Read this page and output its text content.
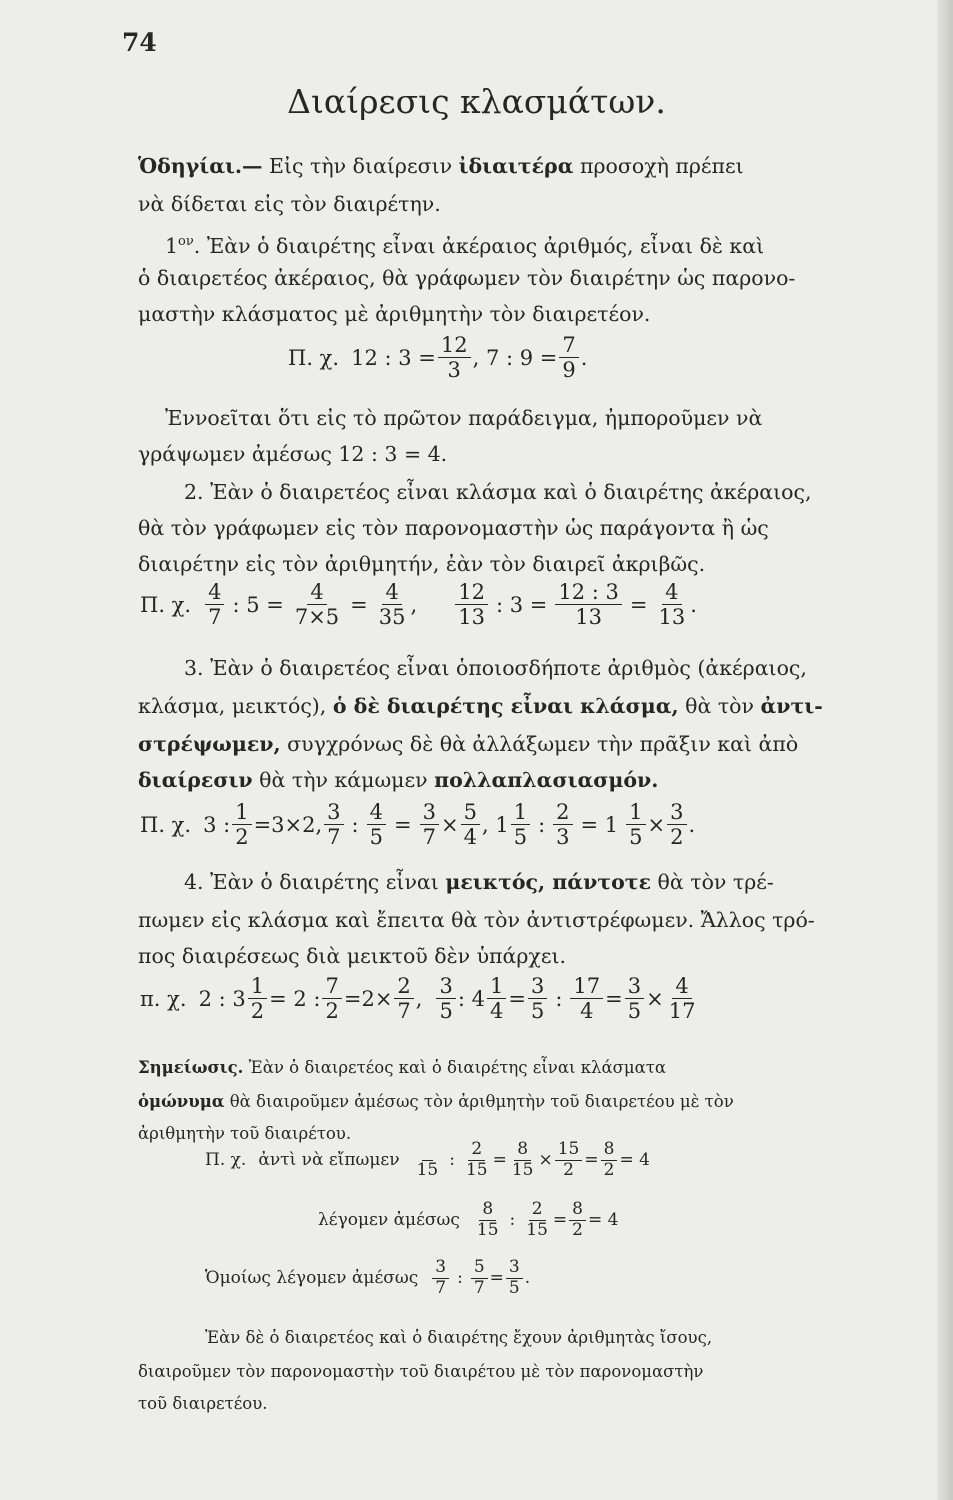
74
Διαίρεσις κλασμάτων.
Ὁδηγίαι.— Εἰς τὴν διαίρεσιν ἰδιαιτέρα προσοχὴ πρέπει
νὰ δίδεται εἰς τὸν διαιρέτην.
$1^{o\nu}$. Ἐὰν ὁ διαιρέτης εἶναι ἀκέραιος ἀριθμός, εἶναι δὲ καὶ
ὁ διαιρετέος ἀκέραιος, θὰ γράφωμεν τὸν διαιρέτην ὡς παρονο-
μαστὴν κλάσματος μὲ ἀριθμητὴν τὸν διαιρετέον.
Π. χ. 12 : $3 = \frac{12}{3}$ , 7 : $9 = \frac{7}{9}$ .
Ἐννοεῖται ὅτι εἰς τὸ πρῶτον παράδειγμα, ἠμποροῦμεν νὰ
γράψωμεν ἀμέσως 12 : 3 = 4.
2. Ἐὰν ὁ διαιρετέος εἶναι κλάσμα καὶ ὁ διαιρέτης ἀκέραιος,
θὰ τὸν γράφωμεν εἰς τὸν παρονομαστὴν ὡς παράγοντα ἢ ὡς
διαιρέτην εἰς τὸν ἀριθμητήν, ἐὰν τὸν διαιρεῖ ἀκριβῶς.
Π. χ. $\frac{4}{7}$ : $5 = \frac{4}{7\times 5} = \frac{4}{35}$ , $\frac{12}{13}$ : $3 = \frac{12 : 3}{13} = \frac{4}{13}$ .
3. Ἐὰν ὁ διαιρετέος εἶναι ὁποιοσδήποτε ἀριθμὸς (ἀκέραιος,
κλάσμα, μεικτός), ὁ δὲ διαιρέτης εἶναι κλάσμα, θὰ τὸν ἀντι-
στρέψωμεν, συγχρόνως δὲ θὰ ἀλλάξωμεν τὴν πρᾶξιν καὶ ἀπὸ
διαίρεσιν θὰ τὴν κάμωμεν πολλαπλασιασμόν.
Π. χ. 3 : $\frac{1}{2} =3\times 2$, $\frac{3}{7}$ : $\frac{4}{5} = \frac{3}{7} \times \frac{5}{4}$ , $1 \frac{1}{5}$ : $\frac{2}{3} = 1 \frac{1}{5} \times \frac{3}{2}$ .
4. Ἐὰν ὁ διαιρέτης εἶναι μεικτός, πάντοτε θὰ τὸν τρέ-
πωμεν εἰς κλάσμα καὶ ἔπειτα θὰ τὸν ἀντιστρέφωμεν. Ἄλλος τρό-
πος διαιρέσεως διὰ μεικτοῦ δὲν ὑπάρχει.
π. χ. 2 : $3 \frac{1}{2} = 2$ : $\frac{7}{2} =2\times \frac{2}{7}$ , $\frac{3}{5}$ : $4 \frac{1}{4} = \frac{3}{5}$ : $\frac{17}{4} = \frac{3}{5} \times \frac{4}{17}$
Σημείωσις. Ἐὰν ὁ διαιρετέος καὶ ὁ διαιρέτης εἶναι κλάσματα
ὁμώνυμα θὰ διαιροῦμεν ἀμέσως τὸν ἀριθμητὴν τοῦ διαιρετέου μὲ τὸν
ἀριθμητὴν τοῦ διαιρέτου.
Π. χ. ἀντὶ νὰ εἴπωμεν
15 : $\frac{2}{15} = \frac{8}{15} \times \frac{15}{2} = \frac{8}{2} = 4$
λέγομεν ἀμέσως $\frac{8}{15}$ : $\frac{2}{15} = \frac{8}{2} = 4$
Ὁμοίως λέγομεν ἀμέσως $\frac{3}{7}$ : $\frac{5}{7} = \frac{3}{5}$ .
Ἐὰν δὲ ὁ διαιρετέος καὶ ὁ διαιρέτης ἔχουν ἀριθμητὰς ἴσους,
διαιροῦμεν τὸν παρονομαστὴν τοῦ διαιρέτου μὲ τὸν παρονομαστὴν
τοῦ διαιρετέου.
